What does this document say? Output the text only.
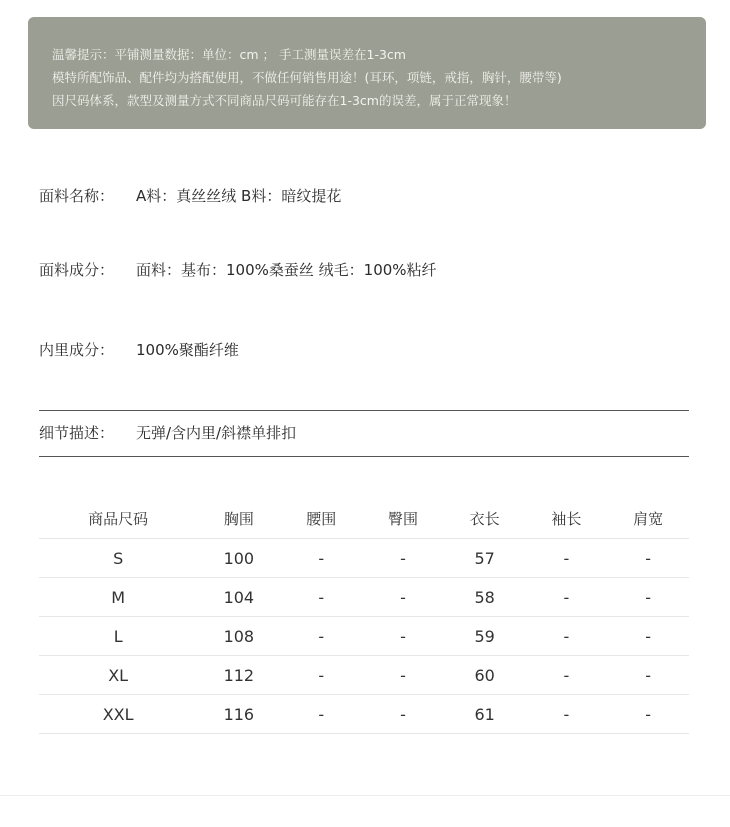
温馨提示：平铺测量数据：单位：cm ； 手工测量误差在1-3cm
模特所配饰品、配件均为搭配使用，不做任何销售用途！(耳环，项链，戒指，胸针，腰带等)
因尺码体系，款型及测量方式不同商品尺码可能存在1-3cm的误差，属于正常现象！
面料名称： A料：真丝丝绒 B料：暗纹提花
面料成分： 面料：基布：100%桑蚕丝 绒毛：100%粘纤
内里成分： 100%聚酯纤维
细节描述： 无弹/含内里/斜襟单排扣
商品尺码	胸围	腰围	臀围	衣长	袖长	肩宽
S	100	-	-	57	-	-
M	104	-	-	58	-	-
L	108	-	-	59	-	-
XL	112	-	-	60	-	-
XXL	116	-	-	61	-	-
